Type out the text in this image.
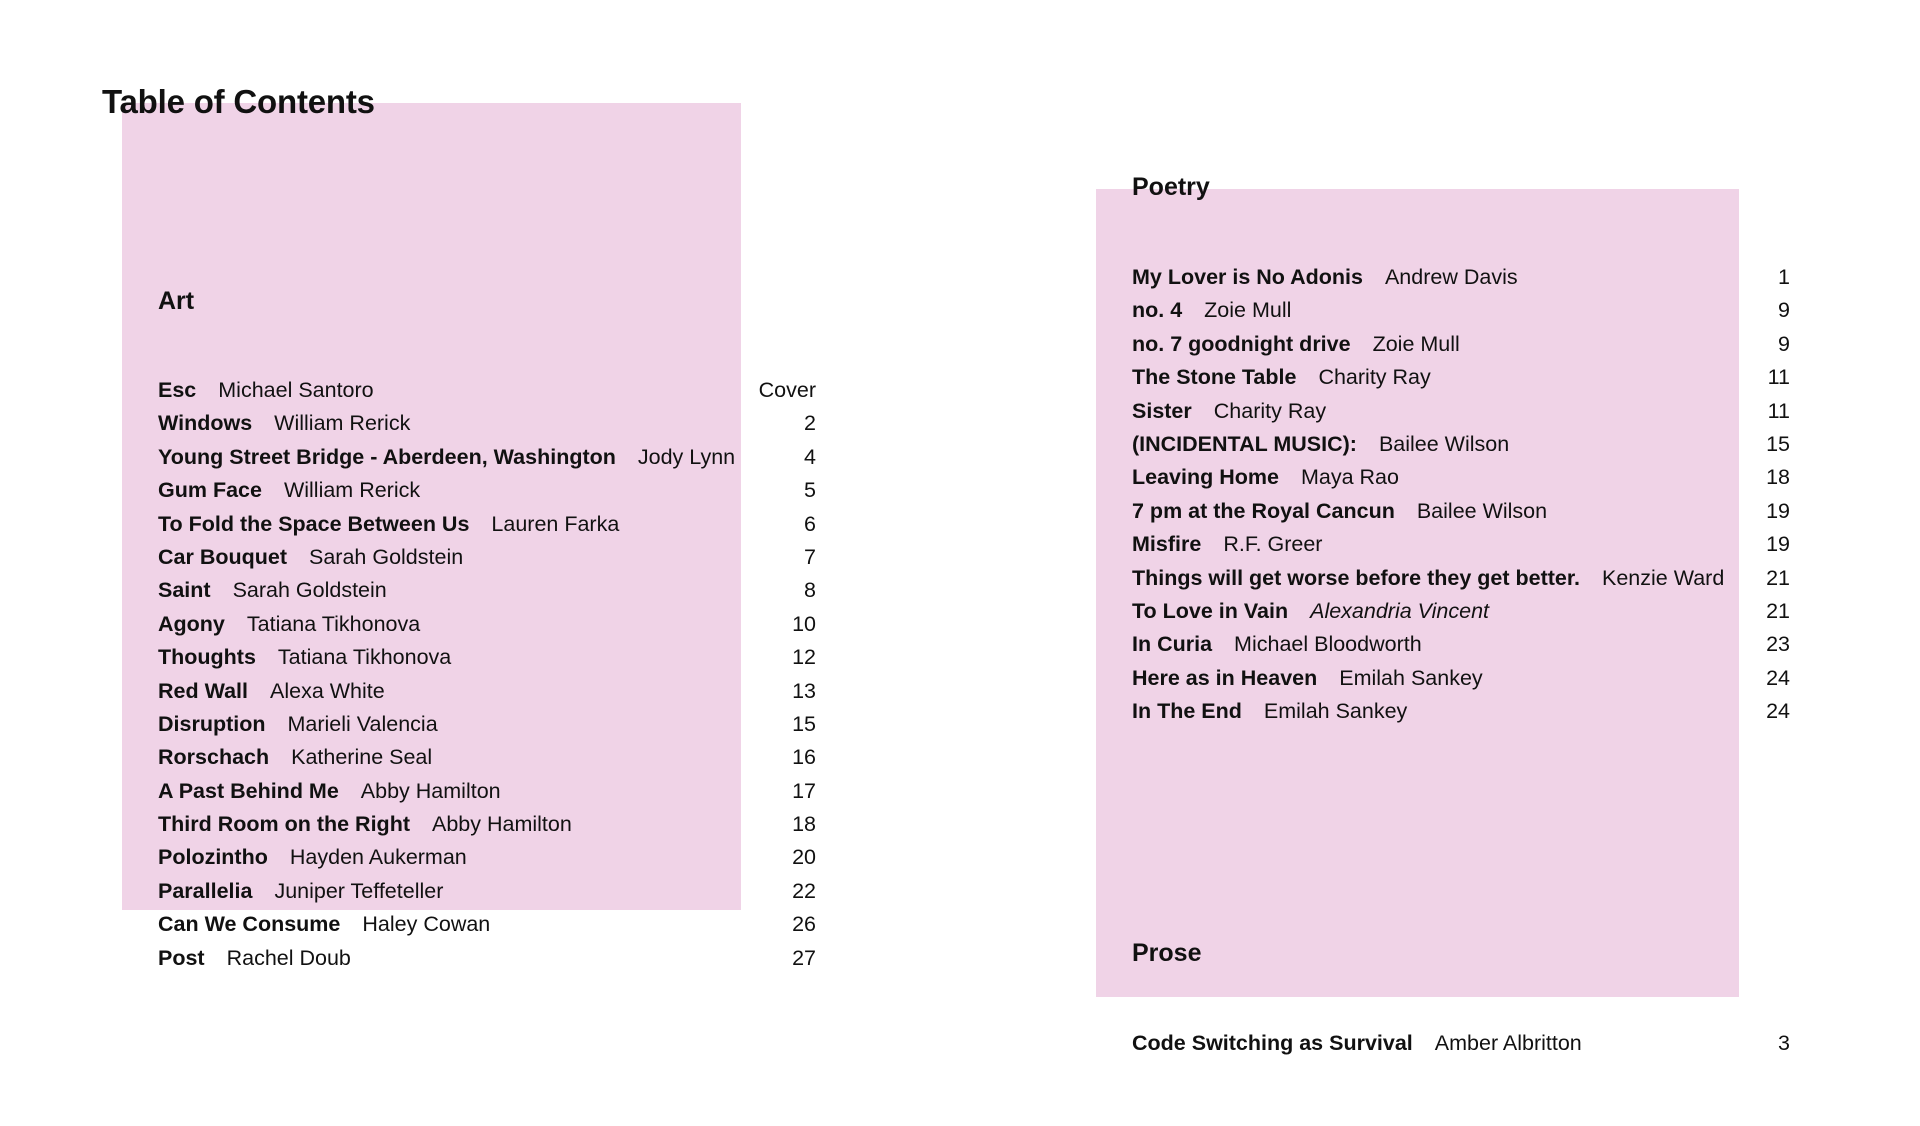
Table of Contents
Art
Esc Michael Santoro	Cover
Windows William Rerick	2
Young Street Bridge - Aberdeen, Washington Jody Lynn	4
Gum Face William Rerick	5
To Fold the Space Between Us Lauren Farka	6
Car Bouquet Sarah Goldstein	7
Saint Sarah Goldstein	8
Agony Tatiana Tikhonova	10
Thoughts Tatiana Tikhonova	12
Red Wall Alexa White	13
Disruption Marieli Valencia	15
Rorschach Katherine Seal	16
A Past Behind Me Abby Hamilton	17
Third Room on the Right Abby Hamilton	18
Polozintho Hayden Aukerman	20
Parallelia Juniper Teffeteller	22
Can We Consume Haley Cowan	26
Post Rachel Doub	27
Poetry
My Lover is No Adonis Andrew Davis	1
no. 4 Zoie Mull	9
no. 7 goodnight drive Zoie Mull	9
The Stone Table Charity Ray	11
Sister Charity Ray	11
(INCIDENTAL MUSIC): Bailee Wilson	15
Leaving Home Maya Rao	18
7 pm at the Royal Cancun Bailee Wilson	19
Misfire R.F. Greer	19
Things will get worse before they get better. Kenzie Ward 21
To Love in Vain Alexandria Vincent	21
In Curia Michael Bloodworth	23
Here as in Heaven Emilah Sankey	24
In The End Emilah Sankey	24
Prose
Code Switching as Survival Amber Albritton	3
